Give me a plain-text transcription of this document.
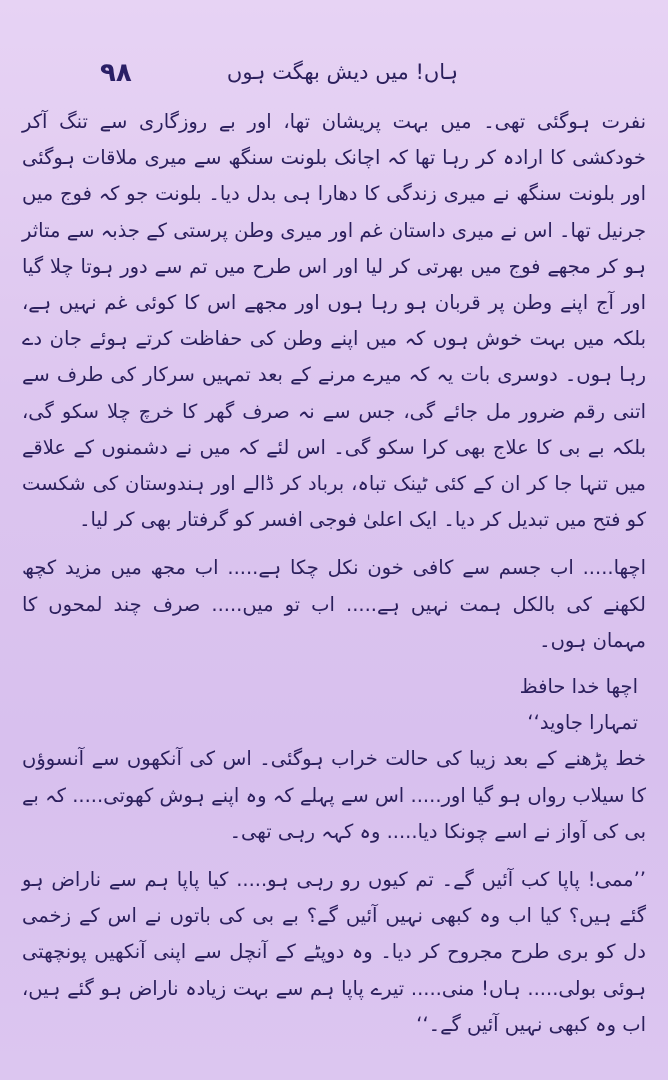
۹۸	ہاں! میں دیش بھگت ہوں

نفرت ہوگئی تھی۔ میں بہت پریشان تھا، اور بے روزگاری سے تنگ آکر خودکشی کا ارادہ کر رہا تھا کہ اچانک بلونت سنگھ سے میری ملاقات ہوگئی اور بلونت سنگھ نے میری زندگی کا دھارا ہی بدل دیا۔ بلونت جو کہ فوج میں جرنیل تھا۔ اس نے میری داستان غم اور میری وطن پرستی کے جذبہ سے متاثر ہو کر مجھے فوج میں بھرتی کر لیا اور اس طرح میں تم سے دور ہوتا چلا گیا اور آج اپنے وطن پر قربان ہو رہا ہوں اور مجھے اس کا کوئی غم نہیں ہے، بلکہ میں بہت خوش ہوں کہ میں اپنے وطن کی حفاظت کرتے ہوئے جان دے رہا ہوں۔ دوسری بات یہ کہ میرے مرنے کے بعد تمہیں سرکار کی طرف سے اتنی رقم ضرور مل جائے گی، جس سے نہ صرف گھر کا خرچ چلا سکو گی، بلکہ بے بی کا علاج بھی کرا سکو گی۔ اس لئے کہ میں نے دشمنوں کے علاقے میں تنہا جا کر ان کے کئی ٹینک تباہ، برباد کر ڈالے اور ہندوستان کی شکست کو فتح میں تبدیل کر دیا۔ ایک اعلیٰ فوجی افسر کو گرفتار بھی کر لیا۔

اچھا..... اب جسم سے کافی خون نکل چکا ہے..... اب مجھ میں مزید کچھ لکھنے کی بالکل ہمت نہیں ہے..... اب تو میں..... صرف چند لمحوں کا مہمان ہوں۔

اچھا خدا حافظ

تمہارا جاوید‘‘

خط پڑھنے کے بعد زیبا کی حالت خراب ہوگئی۔ اس کی آنکھوں سے آنسوؤں کا سیلاب رواں ہو گیا اور..... اس سے پہلے کہ وہ اپنے ہوش کھوتی..... کہ بے بی کی آواز نے اسے چونکا دیا..... وہ کہہ رہی تھی۔

’’ممی! پاپا کب آئیں گے۔ تم کیوں رو رہی ہو..... کیا پاپا ہم سے ناراض ہو گئے ہیں؟ کیا اب وہ کبھی نہیں آئیں گے؟ بے بی کی باتوں نے اس کے زخمی دل کو بری طرح مجروح کر دیا۔ وہ دوپٹے کے آنچل سے اپنی آنکھیں پونچھتی ہوئی بولی..... ہاں! منی..... تیرے پاپا ہم سے بہت زیادہ ناراض ہو گئے ہیں، اب وہ کبھی نہیں آئیں گے۔‘‘
